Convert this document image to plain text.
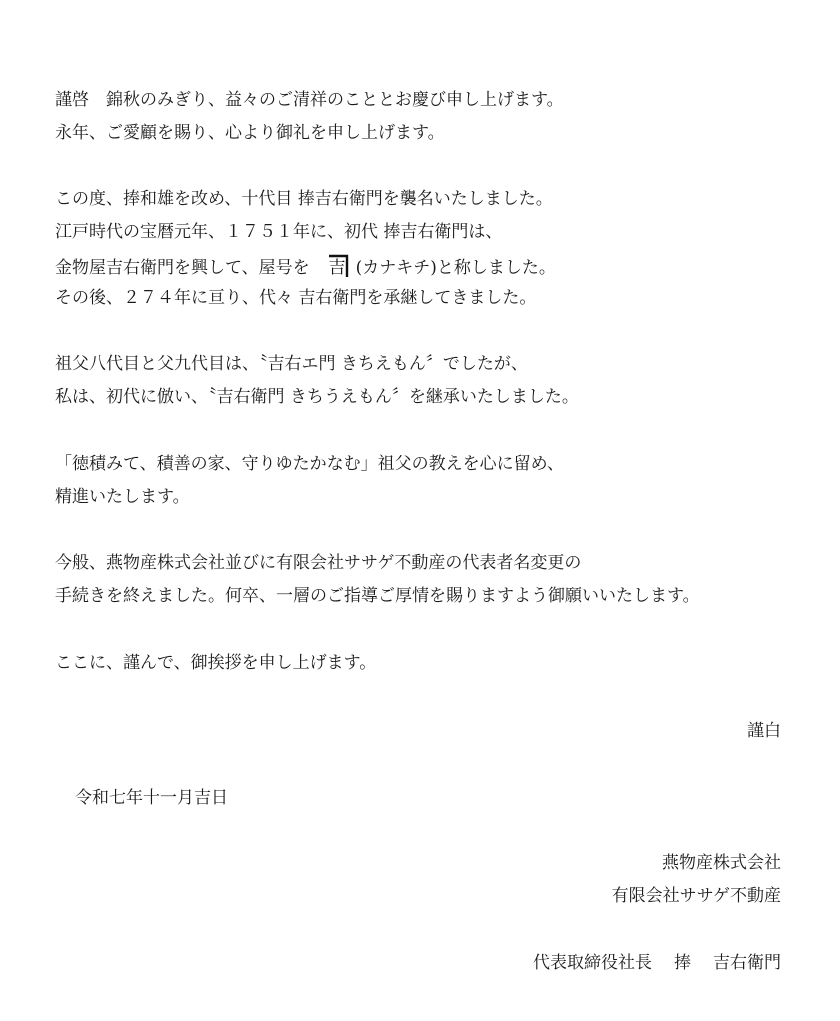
謹啓　錦秋のみぎり、益々のご清祥のこととお慶び申し上げます。
永年、ご愛顧を賜り、心より御礼を申し上げます。
この度、捧和雄を改め、十代目 捧吉右衛門を襲名いたしました。
江戸時代の宝暦元年、１７５１年に、初代 捧吉右衛門は、
金物屋吉右衛門を興して、屋号を 吉 (カナキチ)と称しました。
その後、２７４年に亘り、代々 吉右衛門を承継してきました。
祖父八代目と父九代目は、〝吉右エ門 きちえもん〞でしたが、
私は、初代に倣い、〝吉右衛門 きちうえもん〞を継承いたしました。
「徳積みて、積善の家、守りゆたかなむ」祖父の教えを心に留め、
精進いたします。
今般、燕物産株式会社並びに有限会社ササゲ不動産の代表者名変更の
手続きを終えました。何卒、一層のご指導ご厚情を賜りますよう御願いいたします。
ここに、謹んで、御挨拶を申し上げます。
謹白
令和七年十一月吉日
燕物産株式会社
有限会社ササゲ不動産
代表取締役社長 捧 吉右衛門
